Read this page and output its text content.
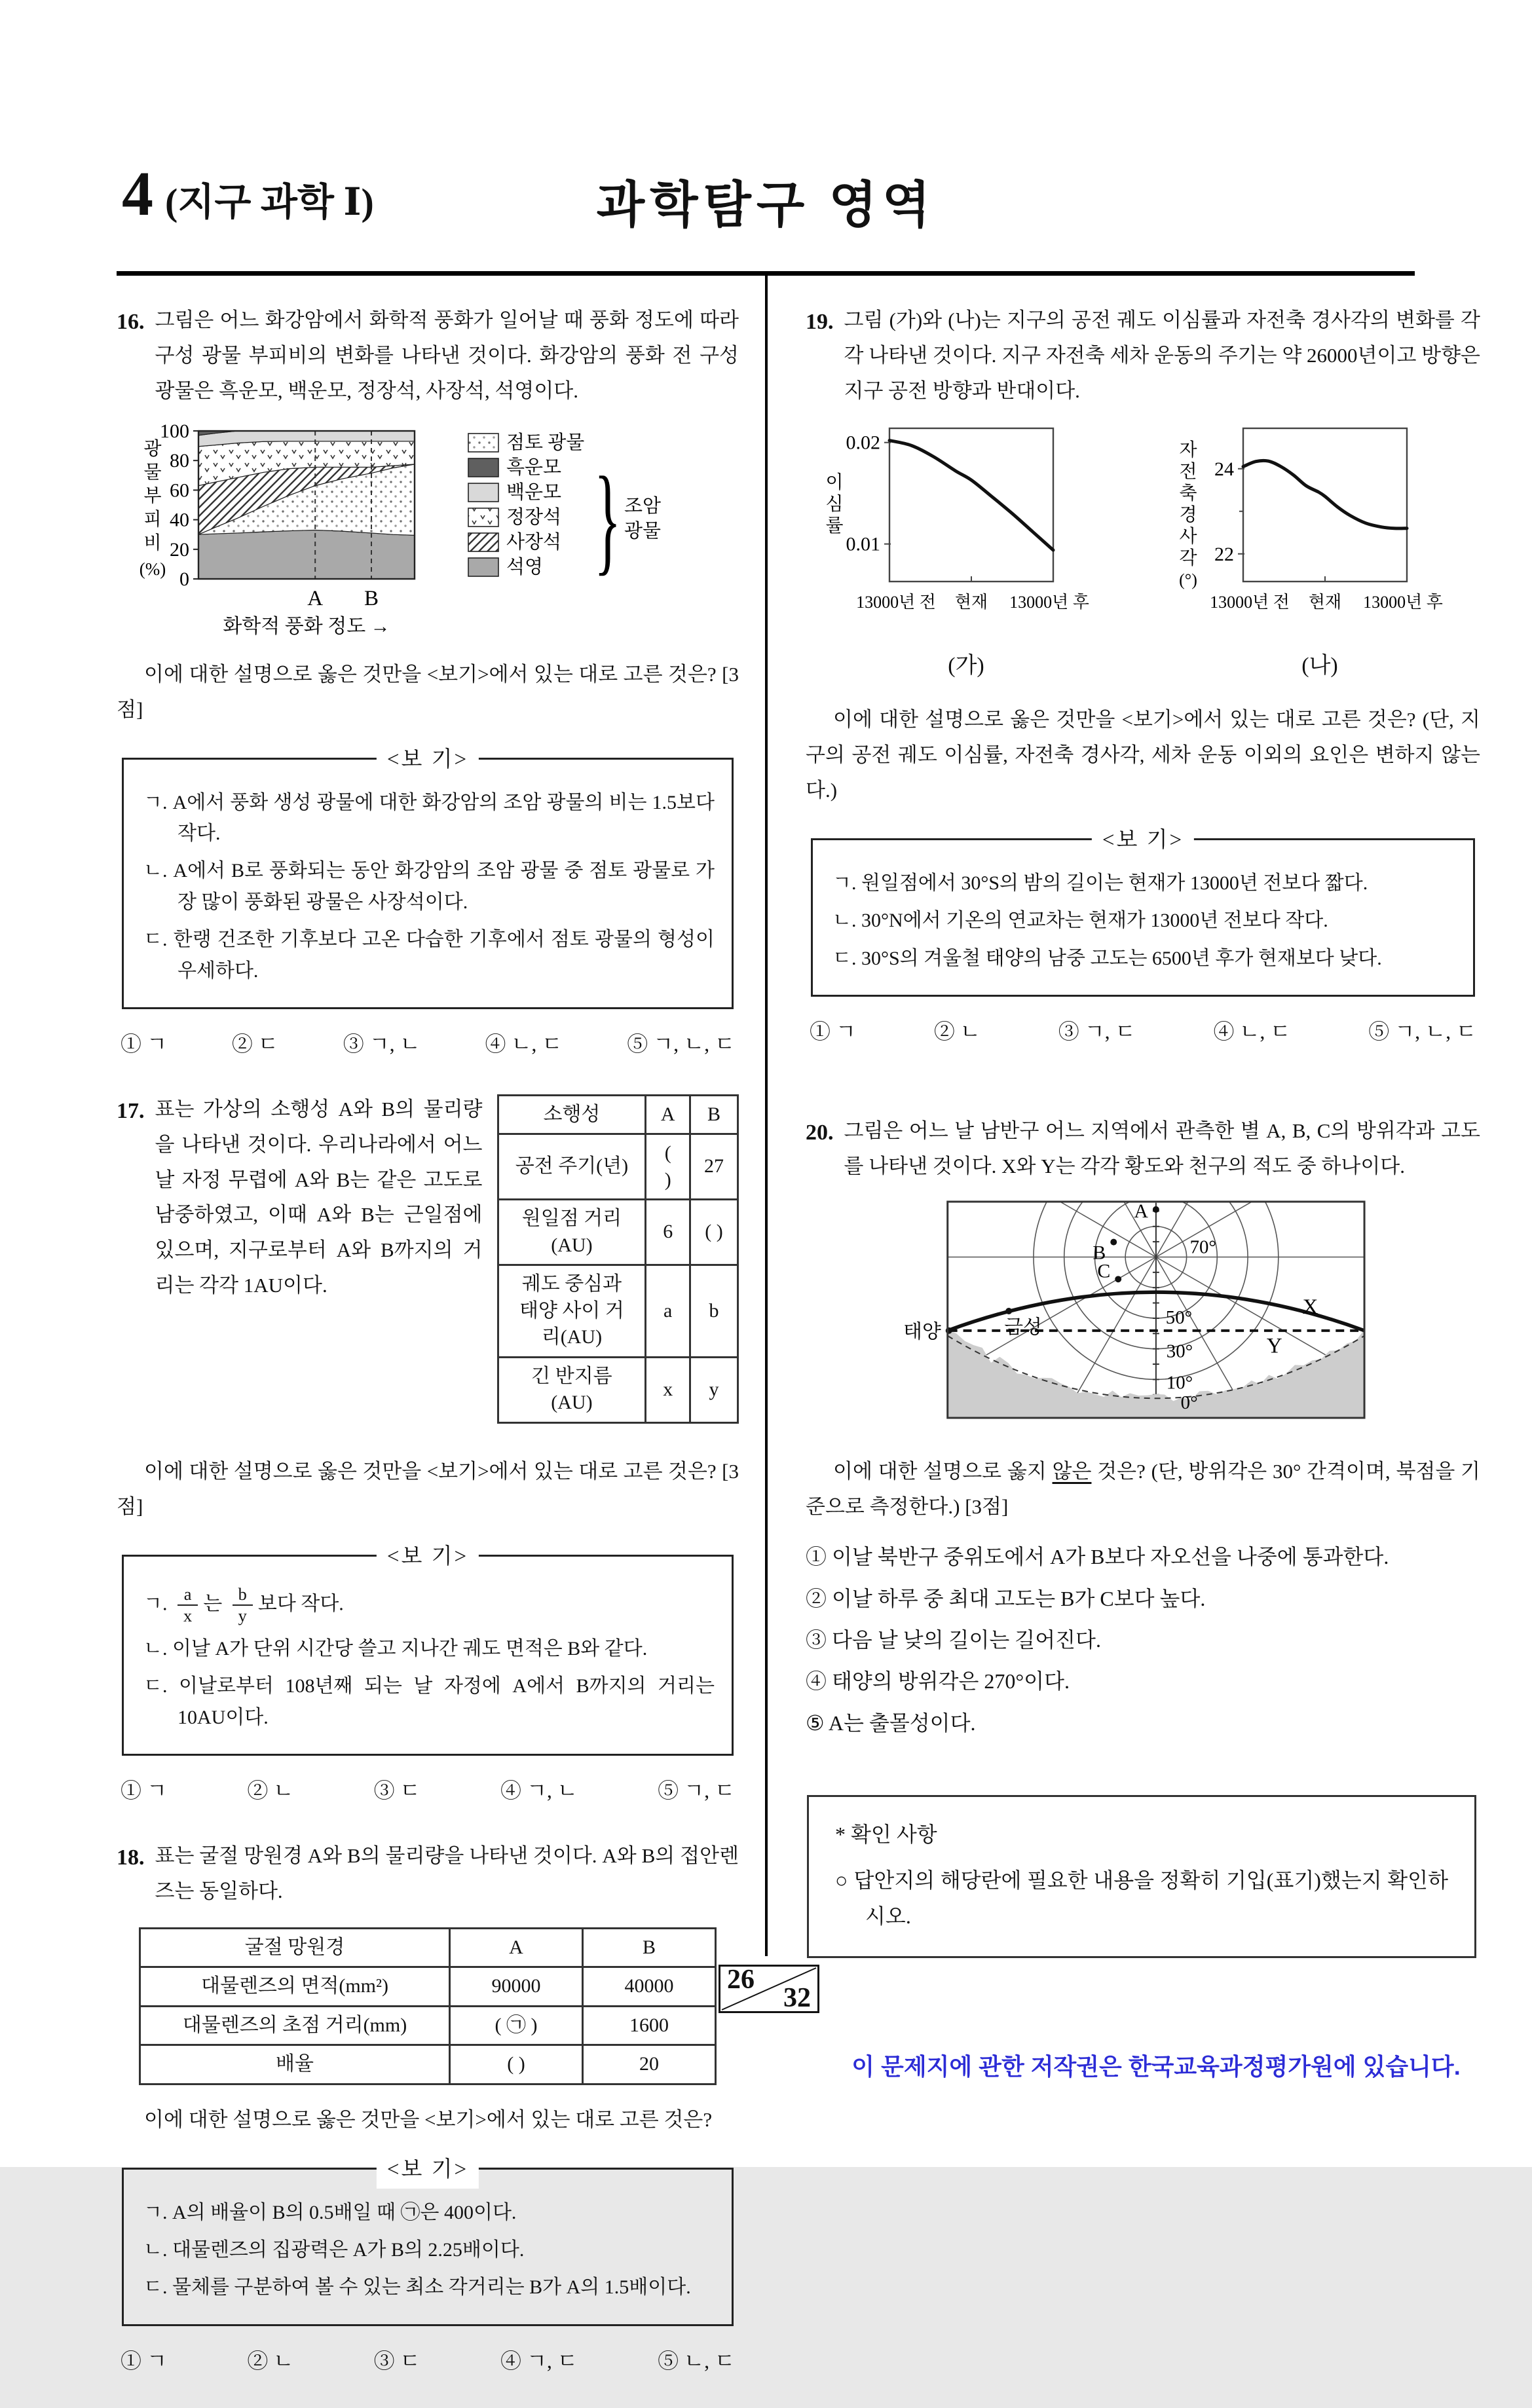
4 (지구 과학 Ⅰ)	과학탐구 영역
16. 그림은 어느 화강암에서 화학적 풍화가 일어날 때 풍화 정도에 따라 구성 광물 부피비의 변화를 나타낸 것이다. 화강암의 풍화 전 구성 광물은 흑운모, 백운모, 정장석, 사장석, 석영이다.
A B
0
20
40
60
80
100
광
물
부
피
비
(%)
화학적 풍화 정도 →
점토 광물
흑운모
백운모
정장석
사장석
석영 } 조암
광물
이에 대한 설명으로 옳은 것만을 <보기>에서 있는 대로 고른 것은? [3점]
<보 기>
ㄱ. A에서 풍화 생성 광물에 대한 화강암의 조암 광물의 비는 1.5보다 작다.
ㄴ. A에서 B로 풍화되는 동안 화강암의 조암 광물 중 점토 광물로 가장 많이 풍화된 광물은 사장석이다.
ㄷ. 한랭 건조한 기후보다 고온 다습한 기후에서 점토 광물의 형성이 우세하다.
① ㄱ	② ㄷ	③ ㄱ, ㄴ	④ ㄴ, ㄷ	⑤ ㄱ, ㄴ, ㄷ
17. 표는 가상의 소행성 A와 B의 물리량을 나타낸 것이다. 우리나라에서 어느 날 자정 무렵에 A와 B는 같은 고도로 남중하였고, 이때 A와 B는 근일점에 있으며, 지구로부터 A와 B까지의 거리는 각각 1AU이다.
소행성	A	B
공전 주기(년)	( )	27
원일점 거리(AU)	6	( )
궤도 중심과 태양 사이 거리(AU)	a	b
긴 반지름(AU)	x	y
이에 대한 설명으로 옳은 것만을 <보기>에서 있는 대로 고른 것은? [3점]
<보 기>
ㄱ. $\frac{a}{x}$ 는 $\frac{b}{y}$ 보다 작다.
ㄴ. 이날 A가 단위 시간당 쓸고 지나간 궤도 면적은 B와 같다.
ㄷ. 이날로부터 108년째 되는 날 자정에 A에서 B까지의 거리는 10AU이다.
① ㄱ	② ㄴ	③ ㄷ	④ ㄱ, ㄴ	⑤ ㄱ, ㄷ
18. 표는 굴절 망원경 A와 B의 물리량을 나타낸 것이다. A와 B의 접안렌즈는 동일하다.
굴절 망원경	A	B
대물렌즈의 면적(mm²)	90000	40000
대물렌즈의 초점 거리(mm)	( ㉠ )	1600
배율	( )	20
이에 대한 설명으로 옳은 것만을 <보기>에서 있는 대로 고른 것은?
<보 기>
ㄱ. A의 배율이 B의 0.5배일 때 ㉠은 400이다.
ㄴ. 대물렌즈의 집광력은 A가 B의 2.25배이다.
ㄷ. 물체를 구분하여 볼 수 있는 최소 각거리는 B가 A의 1.5배이다.
① ㄱ	② ㄴ	③ ㄷ	④ ㄱ, ㄷ	⑤ ㄴ, ㄷ
19. 그림 (가)와 (나)는 지구의 공전 궤도 이심률과 자전축 경사각의 변화를 각각 나타낸 것이다. 지구 자전축 세차 운동의 주기는 약 26000년이고 방향은 지구 공전 방향과 반대이다.
0.01
0.02
13000년 전 현재 13000년 후
이
심
률
(가)
22
24
13000년 전 현재 13000년 후
자
전
축
경
사
각
(°)
(나)
이에 대한 설명으로 옳은 것만을 <보기>에서 있는 대로 고른 것은? (단, 지구의 공전 궤도 이심률, 자전축 경사각, 세차 운동 이외의 요인은 변하지 않는다.)
<보 기>
ㄱ. 원일점에서 30°S의 밤의 길이는 현재가 13000년 전보다 짧다.
ㄴ. 30°N에서 기온의 연교차는 현재가 13000년 전보다 작다.
ㄷ. 30°S의 겨울철 태양의 남중 고도는 6500년 후가 현재보다 낮다.
① ㄱ	② ㄴ	③ ㄱ, ㄷ	④ ㄴ, ㄷ	⑤ ㄱ, ㄴ, ㄷ
20. 그림은 어느 날 남반구 어느 지역에서 관측한 별 A, B, C의 방위각과 고도를 나타낸 것이다. X와 Y는 각각 황도와 천구의 적도 중 하나이다.
70°
50°
30°
10°
0°
X
Y
A
B
C
금성
태양
이에 대한 설명으로 옳지 않은 것은? (단, 방위각은 30° 간격이며, 북점을 기준으로 측정한다.) [3점]
① 이날 북반구 중위도에서 A가 B보다 자오선을 나중에 통과한다.
② 이날 하루 중 최대 고도는 B가 C보다 높다.
③ 다음 날 낮의 길이는 길어진다.
④ 태양의 방위각은 270°이다.
⑤ A는 출몰성이다.
* 확인 사항
○ 답안지의 해당란에 필요한 내용을 정확히 기입(표기)했는지 확인하시오.
26
32
이 문제지에 관한 저작권은 한국교육과정평가원에 있습니다.
